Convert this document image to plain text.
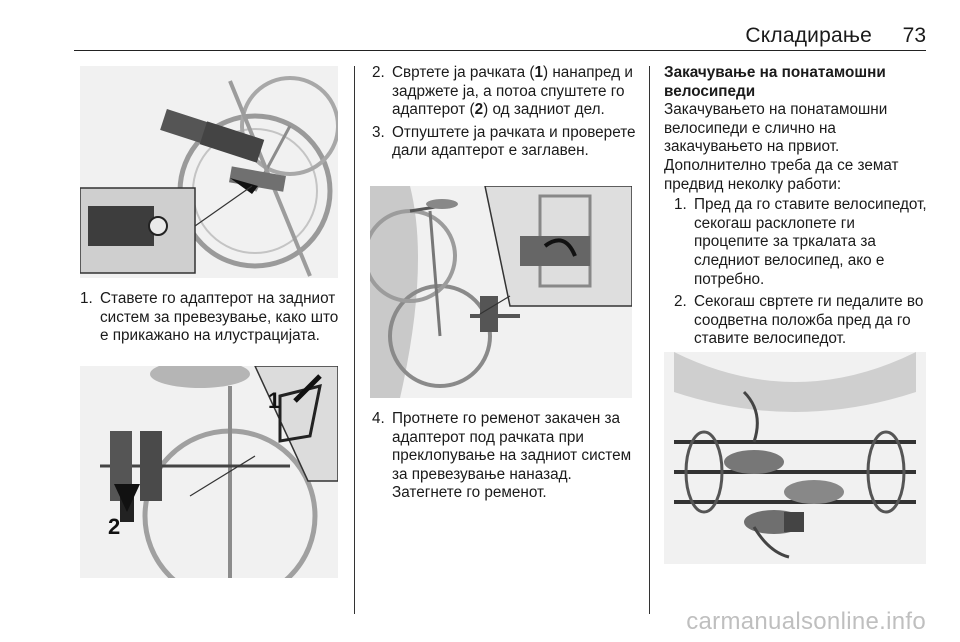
Складирање 73
1. Ставете го адаптерот на задниот систем за превезување, како што е прикажано на илустрацијата.
1
2
2. Свртете ја рачката (1) нанапред и задржете ја, а потоа спуштете го адаптерот (2) од задниот дел.
3. Отпуштете ја рачката и проверете дали адаптерот е заглавен.
4. Протнете го ременот закачен за адаптерот под рачката при преклопување на задниот систем за превезување наназад. Затегнете го ременот.
Закачување на понатамошни велосипеди

Закачувањето на понатамошни велосипеди е слично на закачувањето на првиот.

Дополнително треба да се земат предвид неколку работи:

1. Пред да го ставите велосипедот, секогаш расклопете ги процепите за тркалата за следниот велосипед, ако е потребно.
2. Секогаш свртете ги педалите во соодветна положба пред да го ставите велосипедот.
carmanualsonline.info
